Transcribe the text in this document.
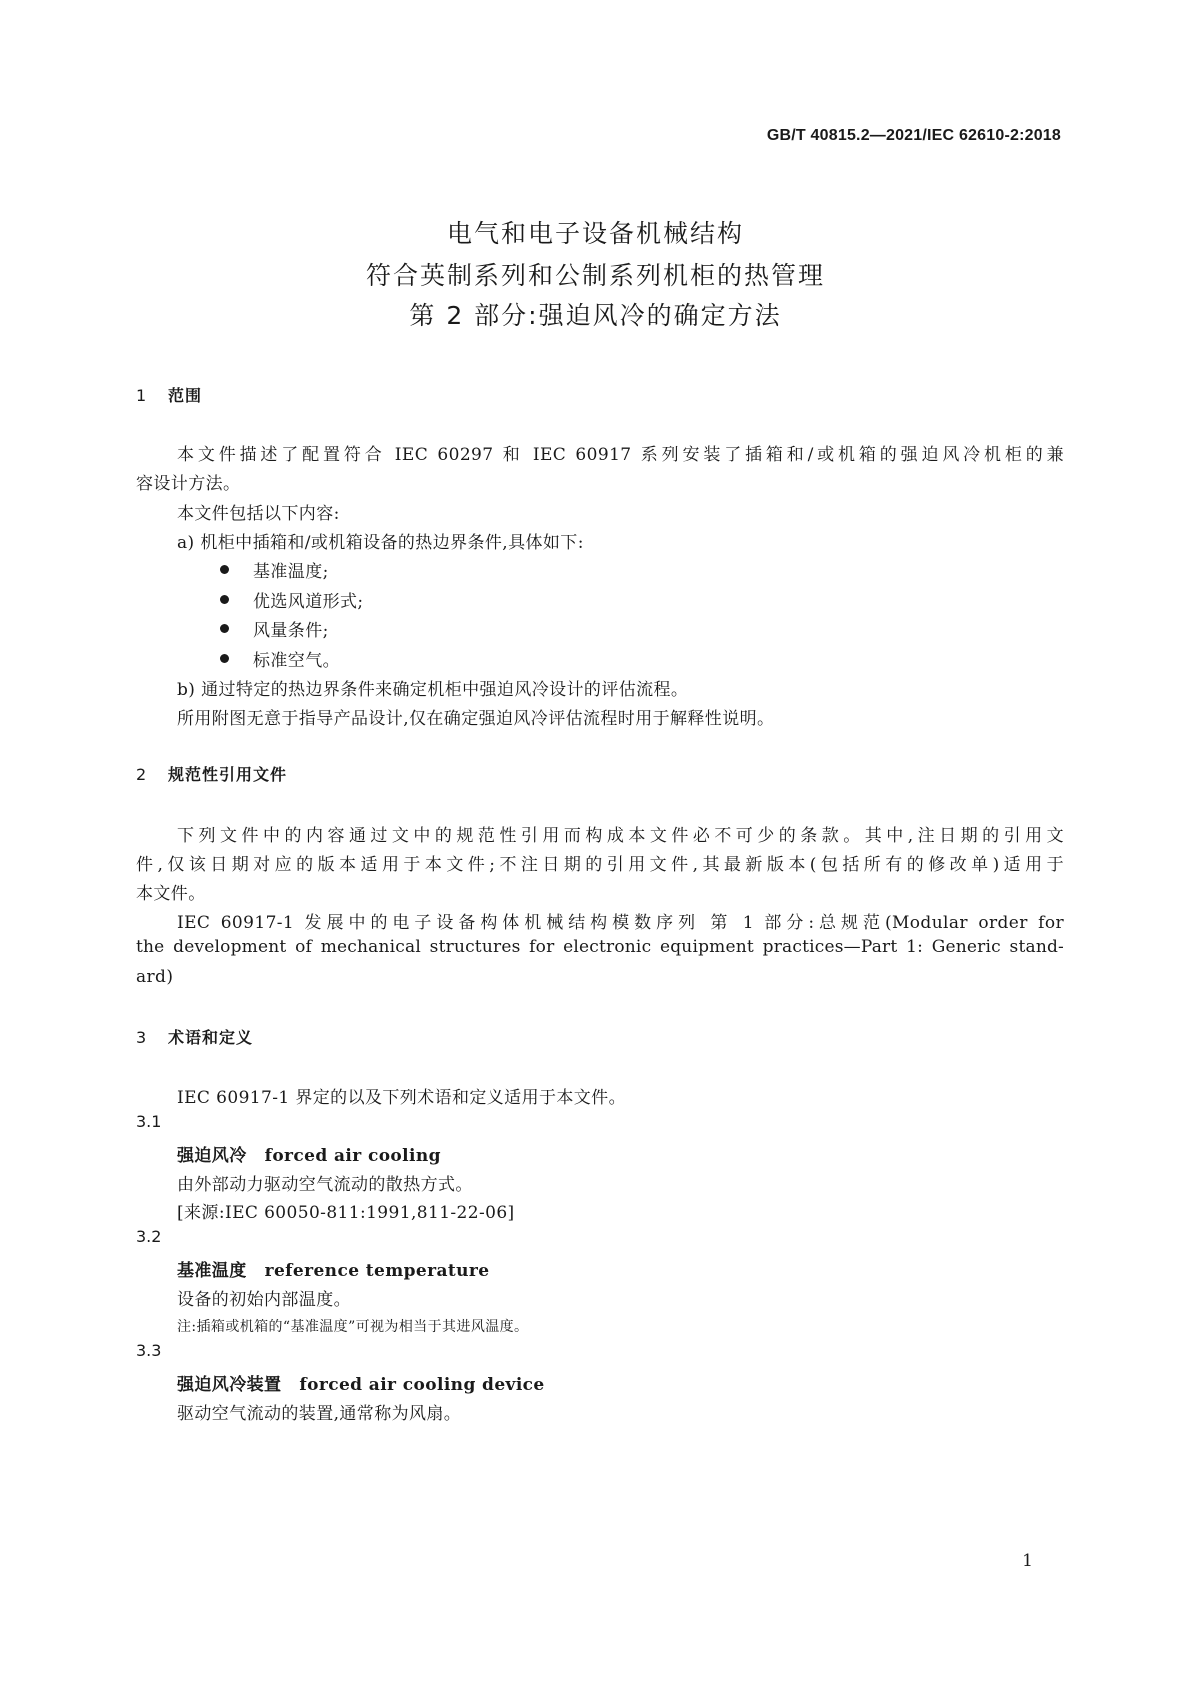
GB/T 40815.2—2021/IEC 62610-2:2018
电气和电子设备机械结构
符合英制系列和公制系列机柜的热管理
第 2 部分:强迫风冷的确定方法
1 范围
本文件描述了配置符合 IEC 60297 和 IEC 60917 系列安装了插箱和/或机箱的强迫风冷机柜的兼
容设计方法。
本文件包括以下内容:
a) 机柜中插箱和/或机箱设备的热边界条件,具体如下:
基准温度;
优选风道形式;
风量条件;
标准空气。
b) 通过特定的热边界条件来确定机柜中强迫风冷设计的评估流程。
所用附图无意于指导产品设计,仅在确定强迫风冷评估流程时用于解释性说明。
2 规范性引用文件
下列文件中的内容通过文中的规范性引用而构成本文件必不可少的条款。其中,注日期的引用文
件,仅该日期对应的版本适用于本文件;不注日期的引用文件,其最新版本(包括所有的修改单)适用于
本文件。
IEC 60917-1 发展中的电子设备构体机械结构模数序列 第 1 部分:总规范(Modular order for
the development of mechanical structures for electronic equipment practices—Part 1: Generic stand-
ard)
3 术语和定义
IEC 60917-1 界定的以及下列术语和定义适用于本文件。
3.1
强迫风冷 forced air cooling
由外部动力驱动空气流动的散热方式。
[来源:IEC 60050-811:1991,811-22-06]
3.2
基准温度 reference temperature
设备的初始内部温度。
注:插箱或机箱的“基准温度”可视为相当于其进风温度。
3.3
强迫风冷装置 forced air cooling device
驱动空气流动的装置,通常称为风扇。
1
